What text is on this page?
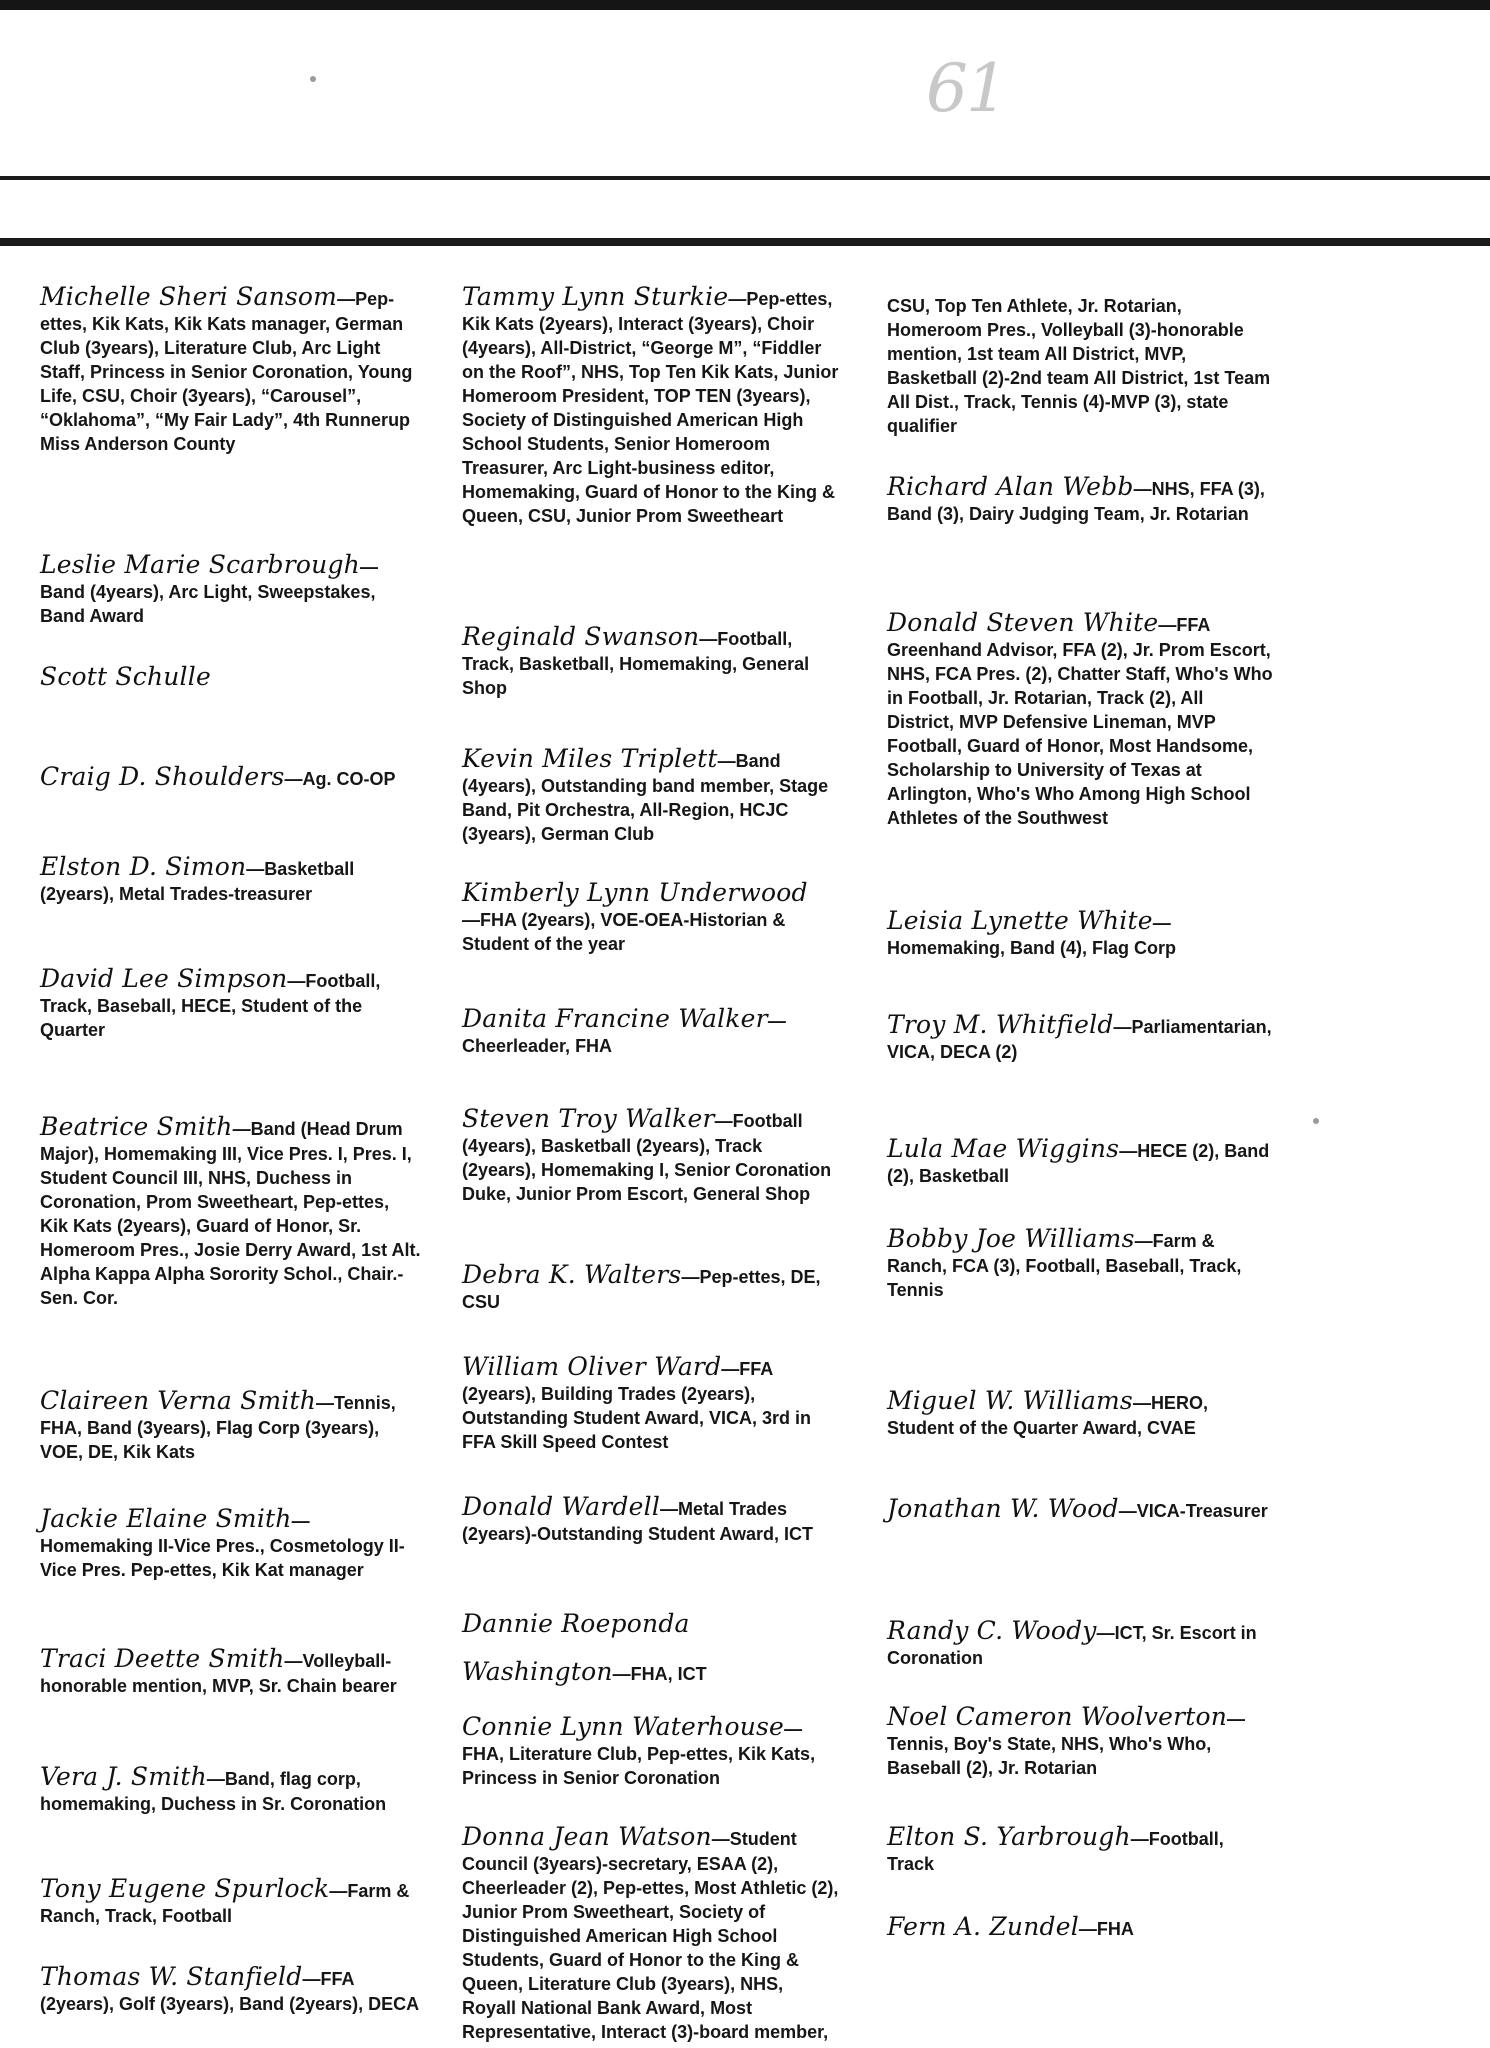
61
Michelle Sheri Sansom — Pep-ettes, Kik Kats, Kik Kats manager, German Club (3years), Literature Club, Arc Light Staff, Princess in Senior Coronation, Young Life, CSU, Choir (3years), “Carousel”, “Oklahoma”, “My Fair Lady”, 4th Runnerup Miss Anderson County
Leslie Marie Scarbrough— Band (4years), Arc Light, Sweepstakes, Band Award
Scott Schulle
Craig D. Shoulders — Ag. CO-OP
Elston D. Simon — Basketball (2years), Metal Trades-treasurer
David Lee Simpson — Football, Track, Baseball, HECE, Student of the Quarter
Beatrice Smith — Band (Head Drum Major), Homemaking III, Vice Pres. I, Pres. I, Student Council III, NHS, Duchess in Coronation, Prom Sweetheart, Pep-ettes, Kik Kats (2years), Guard of Honor, Sr. Homeroom Pres., Josie Derry Award, 1st Alt. Alpha Kappa Alpha Sorority Schol., Chair.-Sen. Cor.
Claireen Verna Smith — Tennis, FHA, Band (3years), Flag Corp (3years), VOE, DE, Kik Kats
Jackie Elaine Smith— Homemaking II-Vice Pres., Cosmetology II-Vice Pres. Pep-ettes, Kik Kat manager
Traci Deette Smith — Volleyball-honorable mention, MVP, Sr. Chain bearer
Vera J. Smith — Band, flag corp, homemaking, Duchess in Sr. Coronation
Tony Eugene Spurlock — Farm & Ranch, Track, Football
Thomas W. Stanfield — FFA (2years), Golf (3years), Band (2years), DECA
Tammy Lynn Sturkie — Pep-ettes, Kik Kats (2years), Interact (3years), Choir (4years), All-District, “George M”, “Fiddler on the Roof”, NHS, Top Ten Kik Kats, Junior Homeroom President, TOP TEN (3years), Society of Distinguished American High School Students, Senior Homeroom Treasurer, Arc Light-business editor, Homemaking, Guard of Honor to the King & Queen, CSU, Junior Prom Sweetheart
Reginald Swanson — Football, Track, Basketball, Homemaking, General Shop
Kevin Miles Triplett — Band (4years), Outstanding band member, Stage Band, Pit Orchestra, All-Region, HCJC (3years), German Club
Kimberly Lynn Underwood
— FHA (2years), VOE-OEA-Historian & Student of the year
Danita Francine Walker— Cheerleader, FHA
Steven Troy Walker — Football (4years), Basketball (2years), Track (2years), Homemaking I, Senior Coronation Duke, Junior Prom Escort, General Shop
Debra K. Walters — Pep-ettes, DE, CSU
William Oliver Ward — FFA (2years), Building Trades (2years), Outstanding Student Award, VICA, 3rd in FFA Skill Speed Contest
Donald Wardell — Metal Trades (2years)-Outstanding Student Award, ICT
Dannie Roeponda Washington — FHA, ICT
Connie Lynn Waterhouse— FHA, Literature Club, Pep-ettes, Kik Kats, Princess in Senior Coronation
Donna Jean Watson — Student Council (3years)-secretary, ESAA (2), Cheerleader (2), Pep-ettes, Most Athletic (2), Junior Prom Sweetheart, Society of Distinguished American High School Students, Guard of Honor to the King & Queen, Literature Club (3years), NHS, Royall National Bank Award, Most Representative, Interact (3)-board member,
CSU, Top Ten Athlete, Jr. Rotarian, Homeroom Pres., Volleyball (3)-honorable mention, 1st team All District, MVP, Basketball (2)-2nd team All District, 1st Team All Dist., Track, Tennis (4)-MVP (3), state qualifier
Richard Alan Webb — NHS, FFA (3), Band (3), Dairy Judging Team, Jr. Rotarian
Donald Steven White — FFA Greenhand Advisor, FFA (2), Jr. Prom Escort, NHS, FCA Pres. (2), Chatter Staff, Who's Who in Football, Jr. Rotarian, Track (2), All District, MVP Defensive Lineman, MVP Football, Guard of Honor, Most Handsome, Scholarship to University of Texas at Arlington, Who's Who Among High School Athletes of the Southwest
Leisia Lynette White— Homemaking, Band (4), Flag Corp
Troy M. Whitfield— Parliamentarian, VICA, DECA (2)
Lula Mae Wiggins — HECE (2), Band (2), Basketball
Bobby Joe Williams — Farm & Ranch, FCA (3), Football, Baseball, Track, Tennis
Miguel W. Williams — HERO, Student of the Quarter Award, CVAE
Jonathan W. Wood — VICA-Treasurer
Randy C. Woody — ICT, Sr. Escort in Coronation
Noel Cameron Woolverton— Tennis, Boy's State, NHS, Who's Who, Baseball (2), Jr. Rotarian
Elton S. Yarbrough — Football, Track
Fern A. Zundel — FHA
